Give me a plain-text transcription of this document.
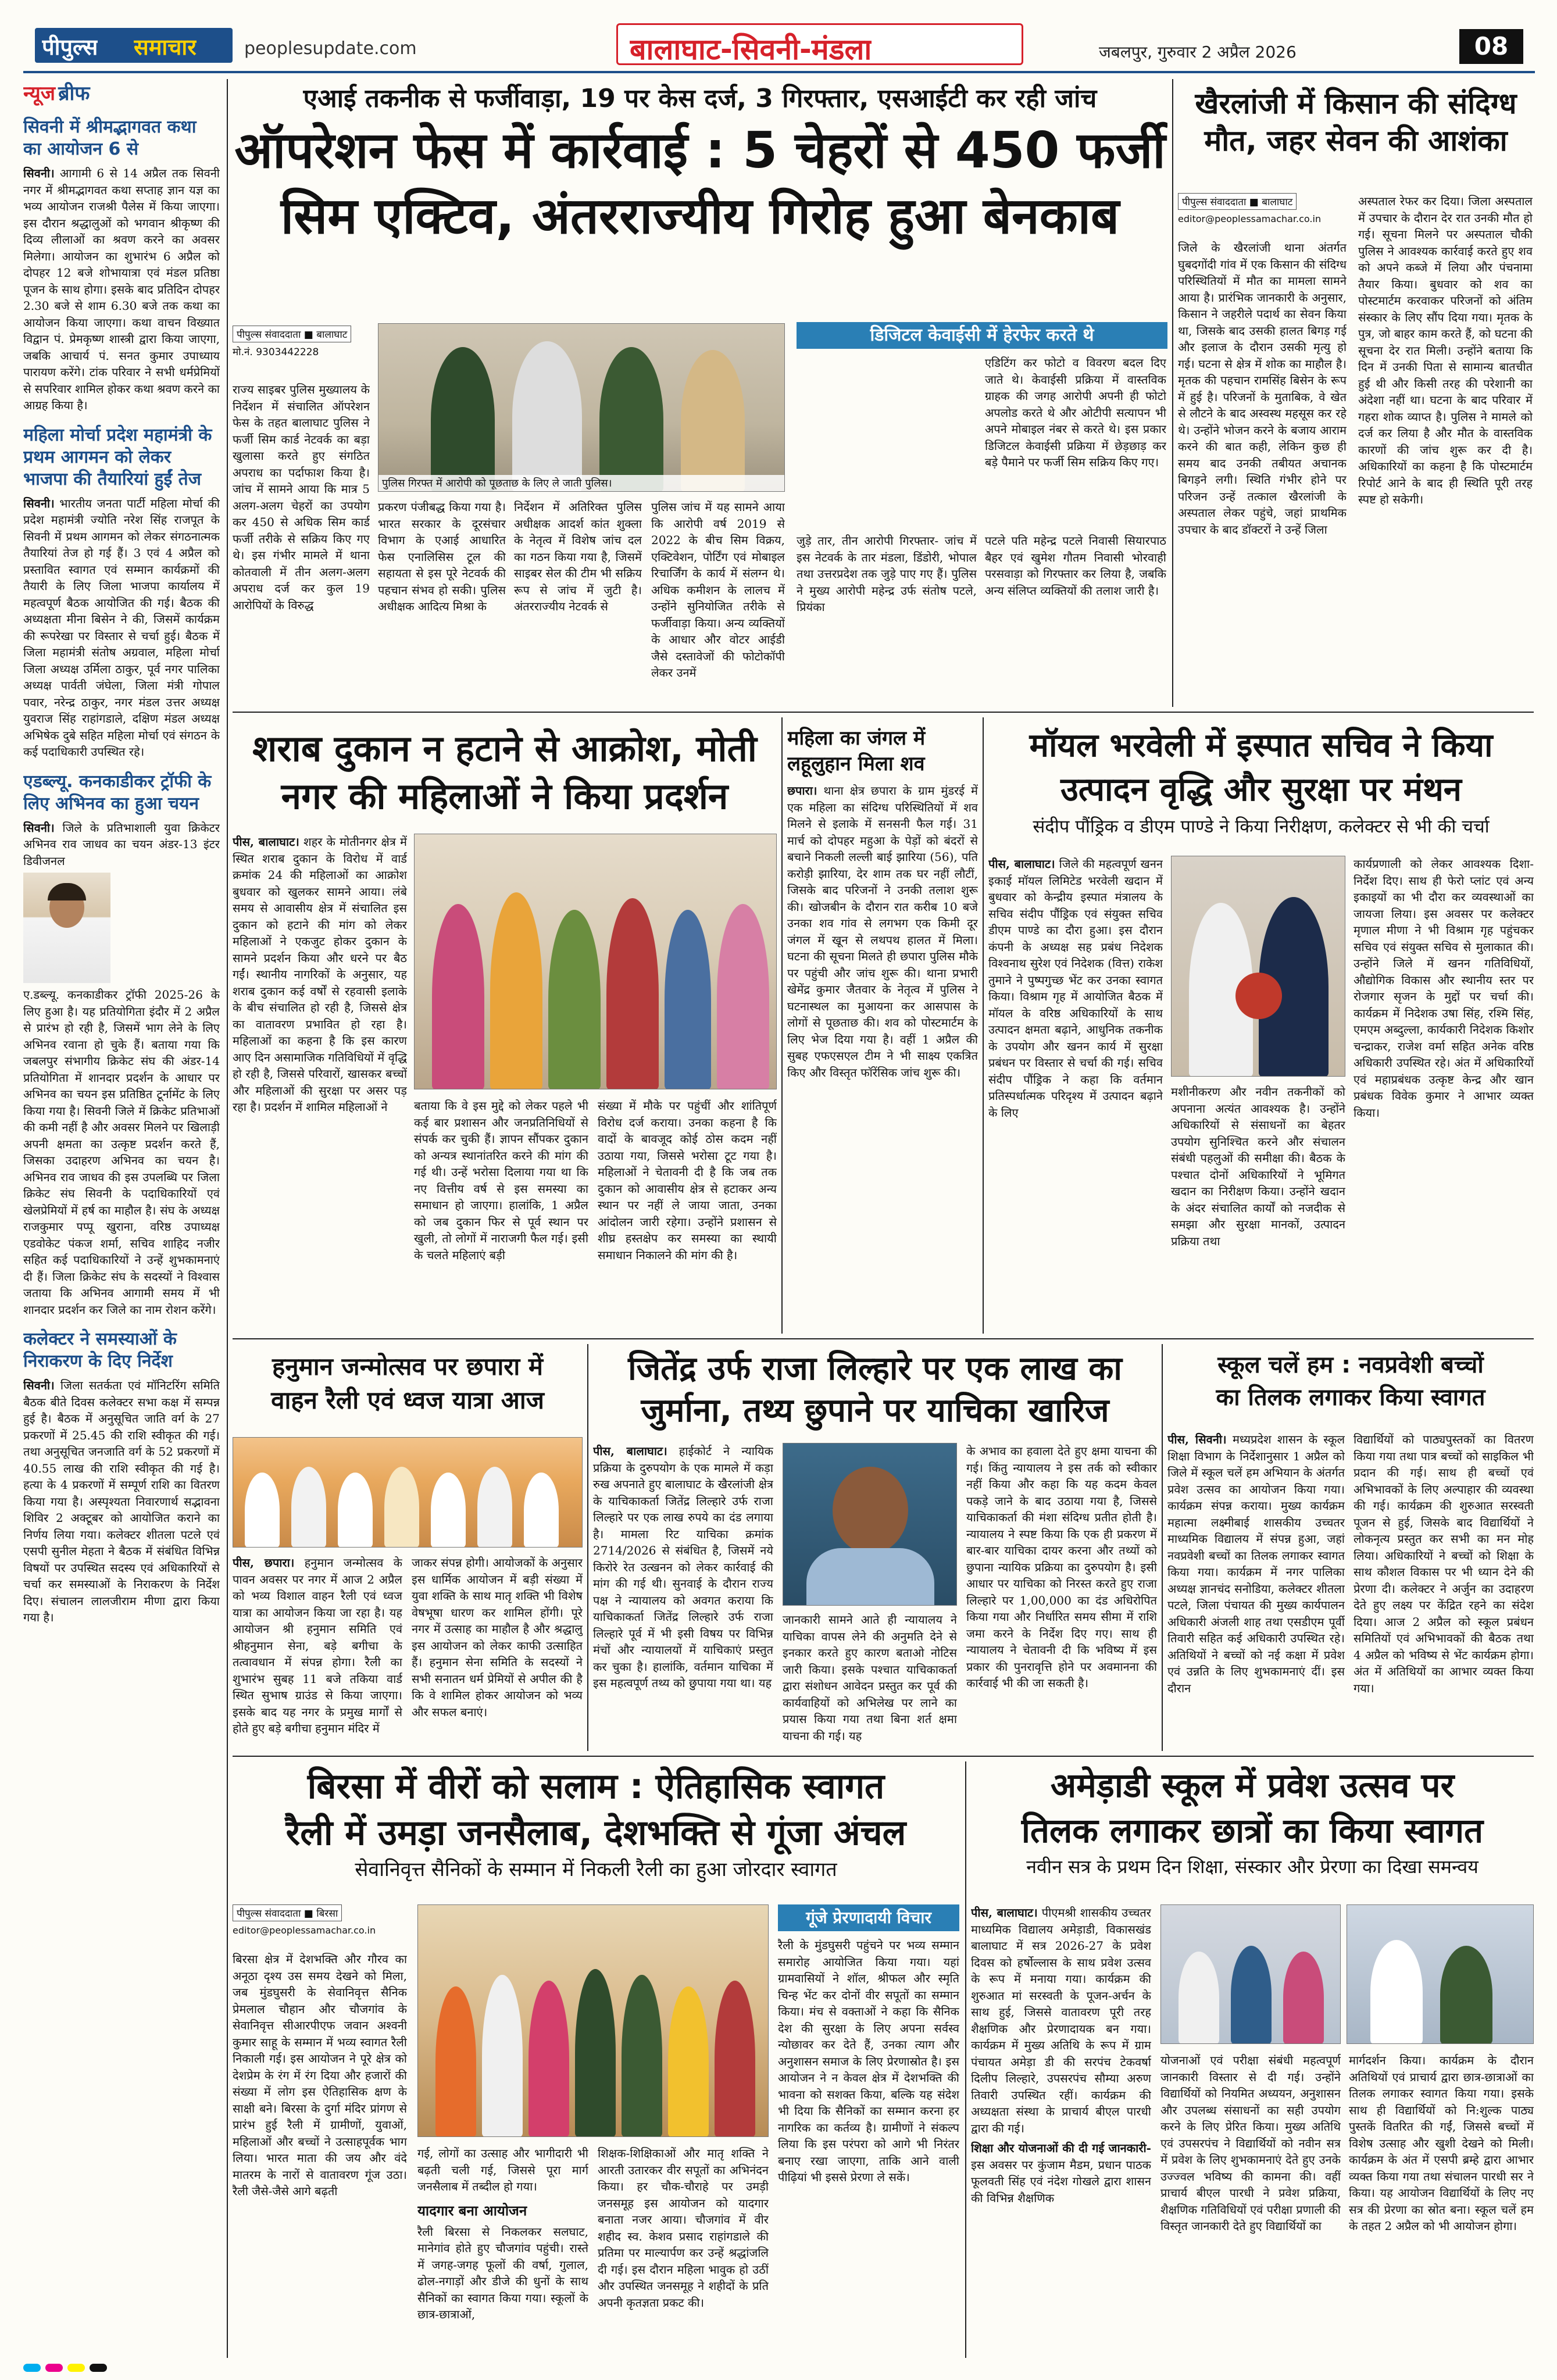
पीपुल्स समाचार	peoplesupdate.com	बालाघाट-सिवनी-मंडला	जबलपुर, गुरुवार 2 अप्रैल 2026	08
न्यूज ब्रीफ
सिवनी में श्रीमद्भागवत कथा का आयोजन 6 से

सिवनी। आगामी 6 से 14 अप्रैल तक सिवनी नगर में श्रीमद्भागवत कथा सप्ताह ज्ञान यज्ञ का भव्य आयोजन राजश्री पैलेस में किया जाएगा। इस दौरान श्रद्धालुओं को भगवान श्रीकृष्ण की दिव्य लीलाओं का श्रवण करने का अवसर मिलेगा। आयोजन का शुभारंभ 6 अप्रैल को दोपहर 12 बजे शोभायात्रा एवं मंडल प्रतिष्ठा पूजन के साथ होगा। इसके बाद प्रतिदिन दोपहर 2.30 बजे से शाम 6.30 बजे तक कथा का आयोजन किया जाएगा। कथा वाचन विख्यात विद्वान पं. प्रेमकृष्ण शास्त्री द्वारा किया जाएगा, जबकि आचार्य पं. सनत कुमार उपाध्याय पारायण करेंगे। टांक परिवार ने सभी धर्मप्रेमियों से सपरिवार शामिल होकर कथा श्रवण करने का आग्रह किया है।

महिला मोर्चा प्रदेश महामंत्री के प्रथम आगमन को लेकर भाजपा की तैयारियां हुईं तेज

सिवनी। भारतीय जनता पार्टी महिला मोर्चा की प्रदेश महामंत्री ज्योति नरेश सिंह राजपूत के सिवनी में प्रथम आगमन को लेकर संगठनात्मक तैयारियां तेज हो गई हैं। 3 एवं 4 अप्रैल को प्रस्तावित स्वागत एवं सम्मान कार्यक्रमों की तैयारी के लिए जिला भाजपा कार्यालय में महत्वपूर्ण बैठक आयोजित की गई। बैठक की अध्यक्षता मीना बिसेन ने की, जिसमें कार्यक्रम की रूपरेखा पर विस्तार से चर्चा हुई। बैठक में जिला महामंत्री संतोष अग्रवाल, महिला मोर्चा जिला अध्यक्ष उर्मिला ठाकुर, पूर्व नगर पालिका अध्यक्ष पार्वती जंघेला, जिला मंत्री गोपाल पवार, नरेन्द्र ठाकुर, नगर मंडल उत्तर अध्यक्ष युवराज सिंह राहांगडाले, दक्षिण मंडल अध्यक्ष अभिषेक दुबे सहित महिला मोर्चा एवं संगठन के कई पदाधिकारी उपस्थित रहे।

एडब्ल्यू. कनकाडीकर ट्रॉफी के लिए अभिनव का हुआ चयन

सिवनी। जिले के प्रतिभाशाली युवा क्रिकेटर अभिनव राव जाधव का चयन अंडर-13 इंटर डिवीजनल

ए.डब्ल्यू. कनकाडीकर ट्रॉफी 2025-26 के लिए हुआ है। यह प्रतियोगिता इंदौर में 2 अप्रैल से प्रारंभ हो रही है, जिसमें भाग लेने के लिए अभिनव रवाना हो चुके हैं। बताया गया कि जबलपुर संभागीय क्रिकेट संघ की अंडर-14 प्रतियोगिता में शानदार प्रदर्शन के आधार पर अभिनव का चयन इस प्रतिष्ठित टूर्नामेंट के लिए किया गया है। सिवनी जिले में क्रिकेट प्रतिभाओं की कमी नहीं है और अवसर मिलने पर खिलाड़ी अपनी क्षमता का उत्कृष्ट प्रदर्शन करते हैं, जिसका उदाहरण अभिनव का चयन है। अभिनव राव जाधव की इस उपलब्धि पर जिला क्रिकेट संघ सिवनी के पदाधिकारियों एवं खेलप्रेमियों में हर्ष का माहौल है। संघ के अध्यक्ष राजकुमार पप्पू खुराना, वरिष्ठ उपाध्यक्ष एडवोकेट पंकज शर्मा, सचिव शाहिद नजीर सहित कई पदाधिकारियों ने उन्हें शुभकामनाएं दी हैं। जिला क्रिकेट संघ के सदस्यों ने विश्वास जताया कि अभिनव आगामी समय में भी शानदार प्रदर्शन कर जिले का नाम रोशन करेंगे।

कलेक्टर ने समस्याओं के निराकरण के दिए निर्देश

सिवनी। जिला सतर्कता एवं मॉनिटरिंग समिति बैठक बीते दिवस कलेक्टर सभा कक्ष में सम्पन्न हुई है। बैठक में अनुसूचित जाति वर्ग के 27 प्रकरणों में 25.45 की राशि स्वीकृत की गई। तथा अनुसूचित जनजाति वर्ग के 52 प्रकरणों में 40.55 लाख की राशि स्वीकृत की गई है। हत्या के 4 प्रकरणों में सम्पूर्ण राशि का वितरण किया गया है। अस्पृश्यता निवारणार्थ सद्भावना शिविर 2 अक्टूबर को आयोजित कराने का निर्णय लिया गया। कलेक्टर शीतला पटले एवं एसपी सुनील मेहता ने बैठक में संबंधित विभिन्न विषयों पर उपस्थित सदस्य एवं अधिकारियों से चर्चा कर समस्याओं के निराकरण के निर्देश दिए। संचालन लालजीराम मीणा द्वारा किया गया है।

एआई तकनीक से फर्जीवाड़ा, 19 पर केस दर्ज, 3 गिरफ्तार, एसआईटी कर रही जांच
ऑपरेशन फेस में कार्रवाई : 5 चेहरों से 450 फर्जी
सिम एक्टिव, अंतरराज्यीय गिरोह हुआ बेनकाब
पीपुल्स संवाददाता ■ बालाघाट
मो.नं. 9303442228
पुलिस गिरफ्त में आरोपी को पूछताछ के लिए ले जाती पुलिस।
डिजिटल केवाईसी में हेरफेर करते थे

राज्य साइबर पुलिस मुख्यालय के निर्देशन में संचालित ऑपरेशन फेस के तहत बालाघाट पुलिस ने फर्जी सिम कार्ड नेटवर्क का बड़ा खुलासा करते हुए संगठित अपराध का पर्दाफाश किया है। जांच में सामने आया कि मात्र 5 अलग-अलग चेहरों का उपयोग कर 450 से अधिक सिम कार्ड फर्जी तरीके से सक्रिय किए गए थे। इस गंभीर मामले में थाना कोतवाली में तीन अलग-अलग अपराध दर्ज कर कुल 19 आरोपियों के विरुद्ध

प्रकरण पंजीबद्ध किया गया है। भारत सरकार के दूरसंचार विभाग के एआई आधारित फेस एनालिसिस टूल की सहायता से इस पूरे नेटवर्क की पहचान संभव हो सकी। पुलिस अधीक्षक आदित्य मिश्रा के

निर्देशन में अतिरिक्त पुलिस अधीक्षक आदर्श कांत शुक्ला के नेतृत्व में विशेष जांच दल का गठन किया गया है, जिसमें साइबर सेल की टीम भी सक्रिय रूप से जांच में जुटी है। अंतरराज्यीय नेटवर्क से

पुलिस जांच में यह सामने आया कि आरोपी वर्ष 2019 से 2022 के बीच सिम विक्रय, एक्टिवेशन, पोर्टिंग एवं मोबाइल रिचार्जिंग के कार्य में संलग्न थे। अधिक कमीशन के लालच में उन्होंने सुनियोजित तरीके से फर्जीवाड़ा किया। अन्य व्यक्तियों के आधार और वोटर आईडी जैसे दस्तावेजों की फोटोकॉपी लेकर उनमें

एडिटिंग कर फोटो व विवरण बदल दिए जाते थे। केवाईसी प्रक्रिया में वास्तविक ग्राहक की जगह आरोपी अपनी ही फोटो अपलोड करते थे और ओटीपी सत्यापन भी अपने मोबाइल नंबर से करते थे। इस प्रकार डिजिटल केवाईसी प्रक्रिया में छेड़छाड़ कर बड़े पैमाने पर फर्जी सिम सक्रिय किए गए।

जुड़े तार, तीन आरोपी गिरफ्तार- जांच में इस नेटवर्क के तार मंडला, डिंडोरी, भोपाल तथा उत्तरप्रदेश तक जुड़े पाए गए हैं। पुलिस ने मुख्य आरोपी महेन्द्र उर्फ संतोष पटले, प्रियंका

पटले पति महेन्द्र पटले निवासी सियारपाठ बैहर एवं खुमेश गौतम निवासी भोरवाही परसवाड़ा को गिरफ्तार कर लिया है, जबकि अन्य संलिप्त व्यक्तियों की तलाश जारी है।

खैरलांजी में किसान की संदिग्ध मौत, जहर सेवन की आशंका
पीपुल्स संवाददाता ■ बालाघाट
editor@peoplessamachar.co.in

जिले के खैरलांजी थाना अंतर्गत घुबदगोंदी गांव में एक किसान की संदिग्ध परिस्थितियों में मौत का मामला सामने आया है। प्रारंभिक जानकारी के अनुसार, किसान ने जहरीले पदार्थ का सेवन किया था, जिसके बाद उसकी हालत बिगड़ गई और इलाज के दौरान उसकी मृत्यु हो गई। घटना से क्षेत्र में शोक का माहौल है। मृतक की पहचान रामसिंह बिसेन के रूप में हुई है। परिजनों के मुताबिक, वे खेत से लौटने के बाद अस्वस्थ महसूस कर रहे थे। उन्होंने भोजन करने के बजाय आराम करने की बात कही, लेकिन कुछ ही समय बाद उनकी तबीयत अचानक बिगड़ने लगी। स्थिति गंभीर होने पर परिजन उन्हें तत्काल खैरलांजी के अस्पताल लेकर पहुंचे, जहां प्राथमिक उपचार के बाद डॉक्टरों ने उन्हें जिला

अस्पताल रेफर कर दिया। जिला अस्पताल में उपचार के दौरान देर रात उनकी मौत हो गई। सूचना मिलने पर अस्पताल चौकी पुलिस ने आवश्यक कार्रवाई करते हुए शव को अपने कब्जे में लिया और पंचनामा तैयार किया। बुधवार को शव का पोस्टमार्टम करवाकर परिजनों को अंतिम संस्कार के लिए सौंप दिया गया। मृतक के पुत्र, जो बाहर काम करते हैं, को घटना की सूचना देर रात मिली। उन्होंने बताया कि दिन में उनकी पिता से सामान्य बातचीत हुई थी और किसी तरह की परेशानी का अंदेशा नहीं था। घटना के बाद परिवार में गहरा शोक व्याप्त है। पुलिस ने मामले को दर्ज कर लिया है और मौत के वास्तविक कारणों की जांच शुरू कर दी है। अधिकारियों का कहना है कि पोस्टमार्टम रिपोर्ट आने के बाद ही स्थिति पूरी तरह स्पष्ट हो सकेगी।

शराब दुकान न हटाने से आक्रोश, मोती
नगर की महिलाओं ने किया प्रदर्शन

पीस, बालाघाट। शहर के मोतीनगर क्षेत्र में स्थित शराब दुकान के विरोध में वार्ड क्रमांक 24 की महिलाओं का आक्रोश बुधवार को खुलकर सामने आया। लंबे समय से आवासीय क्षेत्र में संचालित इस दुकान को हटाने की मांग को लेकर महिलाओं ने एकजुट होकर दुकान के सामने प्रदर्शन किया और धरने पर बैठ गईं। स्थानीय नागरिकों के अनुसार, यह शराब दुकान कई वर्षों से रहवासी इलाके के बीच संचालित हो रही है, जिससे क्षेत्र का वातावरण प्रभावित हो रहा है। महिलाओं का कहना है कि इस कारण आए दिन असामाजिक गतिविधियों में वृद्धि हो रही है, जिससे परिवारों, खासकर बच्चों और महिलाओं की सुरक्षा पर असर पड़ रहा है। प्रदर्शन में शामिल महिलाओं ने	बताया कि वे इस मुद्दे को लेकर पहले भी कई बार प्रशासन और जनप्रतिनिधियों से संपर्क कर चुकी हैं। ज्ञापन सौंपकर दुकान को अन्यत्र स्थानांतरित करने की मांग की गई थी। उन्हें भरोसा दिलाया गया था कि नए वित्तीय वर्ष से इस समस्या का समाधान हो जाएगा। हालांकि, 1 अप्रैल को जब दुकान फिर से पूर्व स्थान पर खुली, तो लोगों में नाराजगी फैल गई। इसी के चलते महिलाएं बड़ी

संख्या में मौके पर पहुंचीं और शांतिपूर्ण विरोध दर्ज कराया। उनका कहना है कि वादों के बावजूद कोई ठोस कदम नहीं उठाया गया, जिससे भरोसा टूट गया है। महिलाओं ने चेतावनी दी है कि जब तक दुकान को आवासीय क्षेत्र से हटाकर अन्य स्थान पर नहीं ले जाया जाता, उनका आंदोलन जारी रहेगा। उन्होंने प्रशासन से शीघ्र हस्तक्षेप कर समस्या का स्थायी समाधान निकालने की मांग की है।

महिला का जंगल में लहूलुहान मिला शव

छपारा। थाना क्षेत्र छपारा के ग्राम मुंडरई में एक महिला का संदिग्ध परिस्थितियों में शव मिलने से इलाके में सनसनी फैल गई। 31 मार्च को दोपहर महुआ के पेड़ों को बंदरों से बचाने निकली लल्ली बाई झारिया (56), पति करोड़ी झारिया, देर शाम तक घर नहीं लौटीं, जिसके बाद परिजनों ने उनकी तलाश शुरू की। खोजबीन के दौरान रात करीब 10 बजे उनका शव गांव से लगभग एक किमी दूर जंगल में खून से लथपथ हालत में मिला। घटना की सूचना मिलते ही छपारा पुलिस मौके पर पहुंची और जांच शुरू की। थाना प्रभारी खेमेंद्र कुमार जैतवार के नेतृत्व में पुलिस ने घटनास्थल का मुआयना कर आसपास के लोगों से पूछताछ की। शव को पोस्टमार्टम के लिए भेज दिया गया है। वहीं 1 अप्रैल की सुबह एफएसएल टीम ने भी साक्ष्य एकत्रित किए और विस्तृत फॉरेंसिक जांच शुरू की।

मॉयल भरवेली में इस्पात सचिव ने किया
उत्पादन वृद्धि और सुरक्षा पर मंथन
संदीप पौंड्रिक व डीएम पाण्डे ने किया निरीक्षण, कलेक्टर से भी की चर्चा

पीस, बालाघाट। जिले की महत्वपूर्ण खनन इकाई मॉयल लिमिटेड भरवेली खदान में बुधवार को केन्द्रीय इस्पात मंत्रालय के सचिव संदीप पौंड्रिक एवं संयुक्त सचिव डीएम पाण्डे का दौरा हुआ। इस दौरान कंपनी के अध्यक्ष सह प्रबंध निदेशक विश्वनाथ सुरेश एवं निदेशक (वित्त) राकेश तुमाने ने पुष्पगुच्छ भेंट कर उनका स्वागत किया। विश्राम गृह में आयोजित बैठक में मॉयल के वरिष्ठ अधिकारियों के साथ उत्पादन क्षमता बढ़ाने, आधुनिक तकनीक के उपयोग और खनन कार्य में सुरक्षा प्रबंधन पर विस्तार से चर्चा की गई। सचिव संदीप पौंड्रिक ने कहा कि वर्तमान प्रतिस्पर्धात्मक परिदृश्य में उत्पादन बढ़ाने के लिए

मशीनीकरण और नवीन तकनीकों को अपनाना अत्यंत आवश्यक है। उन्होंने अधिकारियों से संसाधनों का बेहतर उपयोग सुनिश्चित करने और संचालन संबंधी पहलुओं की समीक्षा की। बैठक के पश्चात दोनों अधिकारियों ने भूमिगत खदान का निरीक्षण किया। उन्होंने खदान के अंदर संचालित कार्यों को नजदीक से समझा और सुरक्षा मानकों, उत्पादन प्रक्रिया तथा

कार्यप्रणाली को लेकर आवश्यक दिशा-निर्देश दिए। साथ ही फेरो प्लांट एवं अन्य इकाइयों का भी दौरा कर व्यवस्थाओं का जायजा लिया। इस अवसर पर कलेक्टर मृणाल मीणा ने भी विश्राम गृह पहुंचकर सचिव एवं संयुक्त सचिव से मुलाकात की। उन्होंने जिले में खनन गतिविधियों, औद्योगिक विकास और स्थानीय स्तर पर रोजगार सृजन के मुद्दों पर चर्चा की। कार्यक्रम में निदेशक उषा सिंह, रश्मि सिंह, एमएम अब्दुल्ला, कार्यकारी निदेशक किशोर चन्द्राकर, राजेश वर्मा सहित अनेक वरिष्ठ अधिकारी उपस्थित रहे। अंत में अधिकारियों एवं महाप्रबंधक उत्कृष्ट केन्द्र और खान प्रबंधक विवेक कुमार ने आभार व्यक्त किया।

हनुमान जन्मोत्सव पर छपारा में
वाहन रैली एवं ध्वज यात्रा आज

पीस, छपारा। हनुमान जन्मोत्सव के पावन अवसर पर नगर में आज 2 अप्रैल को भव्य विशाल वाहन रैली एवं ध्वज यात्रा का आयोजन किया जा रहा है। यह आयोजन श्री हनुमान समिति एवं श्रीहनुमान सेना, बड़े बगीचा के तत्वावधान में संपन्न होगा। रैली का शुभारंभ सुबह 11 बजे तकिया वार्ड स्थित सुभाष ग्राउंड से किया जाएगा। इसके बाद यह नगर के प्रमुख मार्गों से होते हुए बड़े बगीचा हनुमान मंदिर में

जाकर संपन्न होगी। आयोजकों के अनुसार इस धार्मिक आयोजन में बड़ी संख्या में युवा शक्ति के साथ मातृ शक्ति भी विशेष वेषभूषा धारण कर शामिल होंगी। पूरे नगर में उत्साह का माहौल है और श्रद्धालु इस आयोजन को लेकर काफी उत्साहित हैं। हनुमान सेना समिति के सदस्यों ने सभी सनातन धर्म प्रेमियों से अपील की है कि वे शामिल होकर आयोजन को भव्य और सफल बनाएं।

जितेंद्र उर्फ राजा लिल्हारे पर एक लाख का
जुर्माना, तथ्य छुपाने पर याचिका खारिज

पीस, बालाघाट। हाईकोर्ट ने न्यायिक प्रक्रिया के दुरुपयोग के एक मामले में कड़ा रुख अपनाते हुए बालाघाट के खैरलांजी क्षेत्र के याचिकाकर्ता जितेंद्र लिल्हारे उर्फ राजा लिल्हारे पर एक लाख रुपये का दंड लगाया है। मामला रिट याचिका क्रमांक 2714/2026 से संबंधित है, जिसमें नये किरोरे रेत उत्खनन को लेकर कार्रवाई की मांग की गई थी। सुनवाई के दौरान राज्य पक्ष ने न्यायालय को अवगत कराया कि याचिकाकर्ता जितेंद्र लिल्हारे उर्फ राजा लिल्हारे पूर्व में भी इसी विषय पर विभिन्न मंचों और न्यायालयों में याचिकाएं प्रस्तुत कर चुका है। हालांकि, वर्तमान याचिका में इस महत्वपूर्ण तथ्य को छुपाया गया था। यह

जानकारी सामने आते ही न्यायालय ने याचिका वापस लेने की अनुमति देने से इनकार करते हुए कारण बताओ नोटिस जारी किया। इसके पश्चात याचिकाकर्ता द्वारा संशोधन आवेदन प्रस्तुत कर पूर्व की कार्यवाहियों को अभिलेख पर लाने का प्रयास किया गया तथा बिना शर्त क्षमा याचना की गई। यह

के अभाव का हवाला देते हुए क्षमा याचना की गई। किंतु न्यायालय ने इस तर्क को स्वीकार नहीं किया और कहा कि यह कदम केवल पकड़े जाने के बाद उठाया गया है, जिससे याचिकाकर्ता की मंशा संदिग्ध प्रतीत होती है। न्यायालय ने स्पष्ट किया कि एक ही प्रकरण में बार-बार याचिका दायर करना और तथ्यों को छुपाना न्यायिक प्रक्रिया का दुरुपयोग है। इसी आधार पर याचिका को निरस्त करते हुए राजा लिल्हारे पर 1,00,000 का दंड अधिरोपित किया गया और निर्धारित समय सीमा में राशि जमा करने के निर्देश दिए गए। साथ ही न्यायालय ने चेतावनी दी कि भविष्य में इस प्रकार की पुनरावृत्ति होने पर अवमानना की कार्रवाई भी की जा सकती है।

स्कूल चलें हम : नवप्रवेशी बच्चों
का तिलक लगाकर किया स्वागत

पीस, सिवनी। मध्यप्रदेश शासन के स्कूल शिक्षा विभाग के निर्देशानुसार 1 अप्रैल को जिले में स्कूल चलें हम अभियान के अंतर्गत प्रवेश उत्सव का आयोजन किया गया। कार्यक्रम संपन्न कराया। मुख्य कार्यक्रम महात्मा लक्ष्मीबाई शासकीय उच्चतर माध्यमिक विद्यालय में संपन्न हुआ, जहां नवप्रवेशी बच्चों का तिलक लगाकर स्वागत किया गया। कार्यक्रम में नगर पालिका अध्यक्ष ज्ञानचंद सनोडिया, कलेक्टर शीतला पटले, जिला पंचायत की मुख्य कार्यपालन अधिकारी अंजली शाह तथा एसडीएम पूर्वी तिवारी सहित कई अधिकारी उपस्थित रहे। अतिथियों ने बच्चों को नई कक्षा में प्रवेश एवं उन्नति के लिए शुभकामनाएं दीं। इस दौरान

विद्यार्थियों को पाठ्यपुस्तकों का वितरण किया गया तथा पात्र बच्चों को साइकिल भी प्रदान की गई। साथ ही बच्चों एवं अभिभावकों के लिए अल्पाहार की व्यवस्था की गई। कार्यक्रम की शुरुआत सरस्वती पूजन से हुई, जिसके बाद विद्यार्थियों ने लोकनृत्य प्रस्तुत कर सभी का मन मोह लिया। अधिकारियों ने बच्चों को शिक्षा के साथ कौशल विकास पर भी ध्यान देने की प्रेरणा दी। कलेक्टर ने अर्जुन का उदाहरण देते हुए लक्ष्य पर केंद्रित रहने का संदेश दिया। आज 2 अप्रैल को स्कूल प्रबंधन समितियों एवं अभिभावकों की बैठक तथा 4 अप्रैल को भविष्य से भेंट कार्यक्रम होगा। अंत में अतिथियों का आभार व्यक्त किया गया।

बिरसा में वीरों को सलाम : ऐतिहासिक स्वागत
रैली में उमड़ा जनसैलाब, देशभक्ति से गूंजा अंचल
सेवानिवृत्त सैनिकों के सम्मान में निकली रैली का हुआ जोरदार स्वागत
पीपुल्स संवाददाता ■ बिरसा
editor@peoplessamachar.co.in

बिरसा क्षेत्र में देशभक्ति और गौरव का अनूठा दृश्य उस समय देखने को मिला, जब मुंडघुसरी के सेवानिवृत्त सैनिक प्रेमलाल चौहान और चौजगांव के सेवानिवृत्त सीआरपीएफ जवान अश्वनी कुमार साहू के सम्मान में भव्य स्वागत रैली निकाली गई। इस आयोजन ने पूरे क्षेत्र को देशप्रेम के रंग में रंग दिया और हजारों की संख्या में लोग इस ऐतिहासिक क्षण के साक्षी बने। बिरसा के दुर्गा मंदिर प्रांगण से प्रारंभ हुई रैली में ग्रामीणों, युवाओं, महिलाओं और बच्चों ने उत्साहपूर्वक भाग लिया। भारत माता की जय और वंदे मातरम के नारों से वातावरण गूंज उठा। रैली जैसे-जैसे आगे बढ़ती

गई, लोगों का उत्साह और भागीदारी भी बढ़ती चली गई, जिससे पूरा मार्ग जनसैलाब में तब्दील हो गया।

यादगार बना आयोजन

रैली बिरसा से निकलकर सलघाट, मानेगांव होते हुए चौजगांव पहुंची। रास्ते में जगह-जगह फूलों की वर्षा, गुलाल, ढोल-नगाड़ों और डीजे की धुनों के साथ सैनिकों का स्वागत किया गया। स्कूलों के छात्र-छात्राओं,

शिक्षक-शिक्षिकाओं और मातृ शक्ति ने आरती उतारकर वीर सपूतों का अभिनंदन किया। हर चौक-चौराहे पर उमड़ी जनसमूह इस आयोजन को यादगार बनाता नजर आया। चौजगांव में वीर शहीद स्व. केशव प्रसाद राहांगडाले की प्रतिमा पर माल्यार्पण कर उन्हें श्रद्धांजलि दी गई। इस दौरान महिला भावुक हो उठीं और उपस्थित जनसमूह ने शहीदों के प्रति अपनी कृतज्ञता प्रकट की।

गूंजे प्रेरणादायी विचार

रैली के मुंडघुसरी पहुंचने पर भव्य सम्मान समारोह आयोजित किया गया। यहां ग्रामवासियों ने शॉल, श्रीफल और स्मृति चिन्ह भेंट कर दोनों वीर सपूतों का सम्मान किया। मंच से वक्ताओं ने कहा कि सैनिक देश की सुरक्षा के लिए अपना सर्वस्व न्योछावर कर देते हैं, उनका त्याग और अनुशासन समाज के लिए प्रेरणास्रोत है। इस आयोजन ने न केवल क्षेत्र में देशभक्ति की भावना को सशक्त किया, बल्कि यह संदेश भी दिया कि सैनिकों का सम्मान करना हर नागरिक का कर्तव्य है। ग्रामीणों ने संकल्प लिया कि इस परंपरा को आगे भी निरंतर बनाए रखा जाएगा, ताकि आने वाली पीढ़ियां भी इससे प्रेरणा ले सकें।

अमेड़ाडी स्कूल में प्रवेश उत्सव पर
तिलक लगाकर छात्रों का किया स्वागत
नवीन सत्र के प्रथम दिन शिक्षा, संस्कार और प्रेरणा का दिखा समन्वय

पीस, बालाघाट। पीएमश्री शासकीय उच्चतर माध्यमिक विद्यालय अमेड़ाडी, विकासखंड बालाघाट में सत्र 2026-27 के प्रवेश दिवस को हर्षोल्लास के साथ प्रवेश उत्सव के रूप में मनाया गया। कार्यक्रम की शुरुआत मां सरस्वती के पूजन-अर्चन के साथ हुई, जिससे वातावरण पूरी तरह शैक्षणिक और प्रेरणादायक बन गया। कार्यक्रम में मुख्य अतिथि के रूप में ग्राम पंचायत अमेड़ा डी की सरपंच टेकवर्षा दिलीप लिल्हारे, उपसरपंच सौम्या अरुण तिवारी उपस्थित रहीं। कार्यक्रम की अध्यक्षता संस्था के प्राचार्य बीएल पारधी द्वारा की गई।

शिक्षा और योजनाओं की दी गई जानकारी- इस अवसर पर कुंजाम मैडम, प्रधान पाठक फूलवती सिंह एवं नंदेश गोखले द्वारा शासन की विभिन्न शैक्षणिक

योजनाओं एवं परीक्षा संबंधी महत्वपूर्ण जानकारी विस्तार से दी गई। उन्होंने विद्यार्थियों को नियमित अध्ययन, अनुशासन और उपलब्ध संसाधनों का सही उपयोग करने के लिए प्रेरित किया। मुख्य अतिथि एवं उपसरपंच ने विद्यार्थियों को नवीन सत्र में प्रवेश के लिए शुभकामनाएं देते हुए उनके उज्ज्वल भविष्य की कामना की। वहीं प्राचार्य बीएल पारधी ने प्रवेश प्रक्रिया, शैक्षणिक गतिविधियों एवं परीक्षा प्रणाली की विस्तृत जानकारी देते हुए विद्यार्थियों का

मार्गदर्शन किया। कार्यक्रम के दौरान अतिथियों एवं प्राचार्य द्वारा छात्र-छात्राओं का तिलक लगाकर स्वागत किया गया। इसके साथ ही विद्यार्थियों को नि:शुल्क पाठ्य पुस्तकें वितरित की गईं, जिससे बच्चों में विशेष उत्साह और खुशी देखने को मिली। कार्यक्रम के अंत में एसपी ब्रम्हे द्वारा आभार व्यक्त किया गया तथा संचालन पारधी सर ने किया। यह आयोजन विद्यार्थियों के लिए नए सत्र की प्रेरणा का स्रोत बना। स्कूल चलें हम के तहत 2 अप्रैल को भी आयोजन होगा।
